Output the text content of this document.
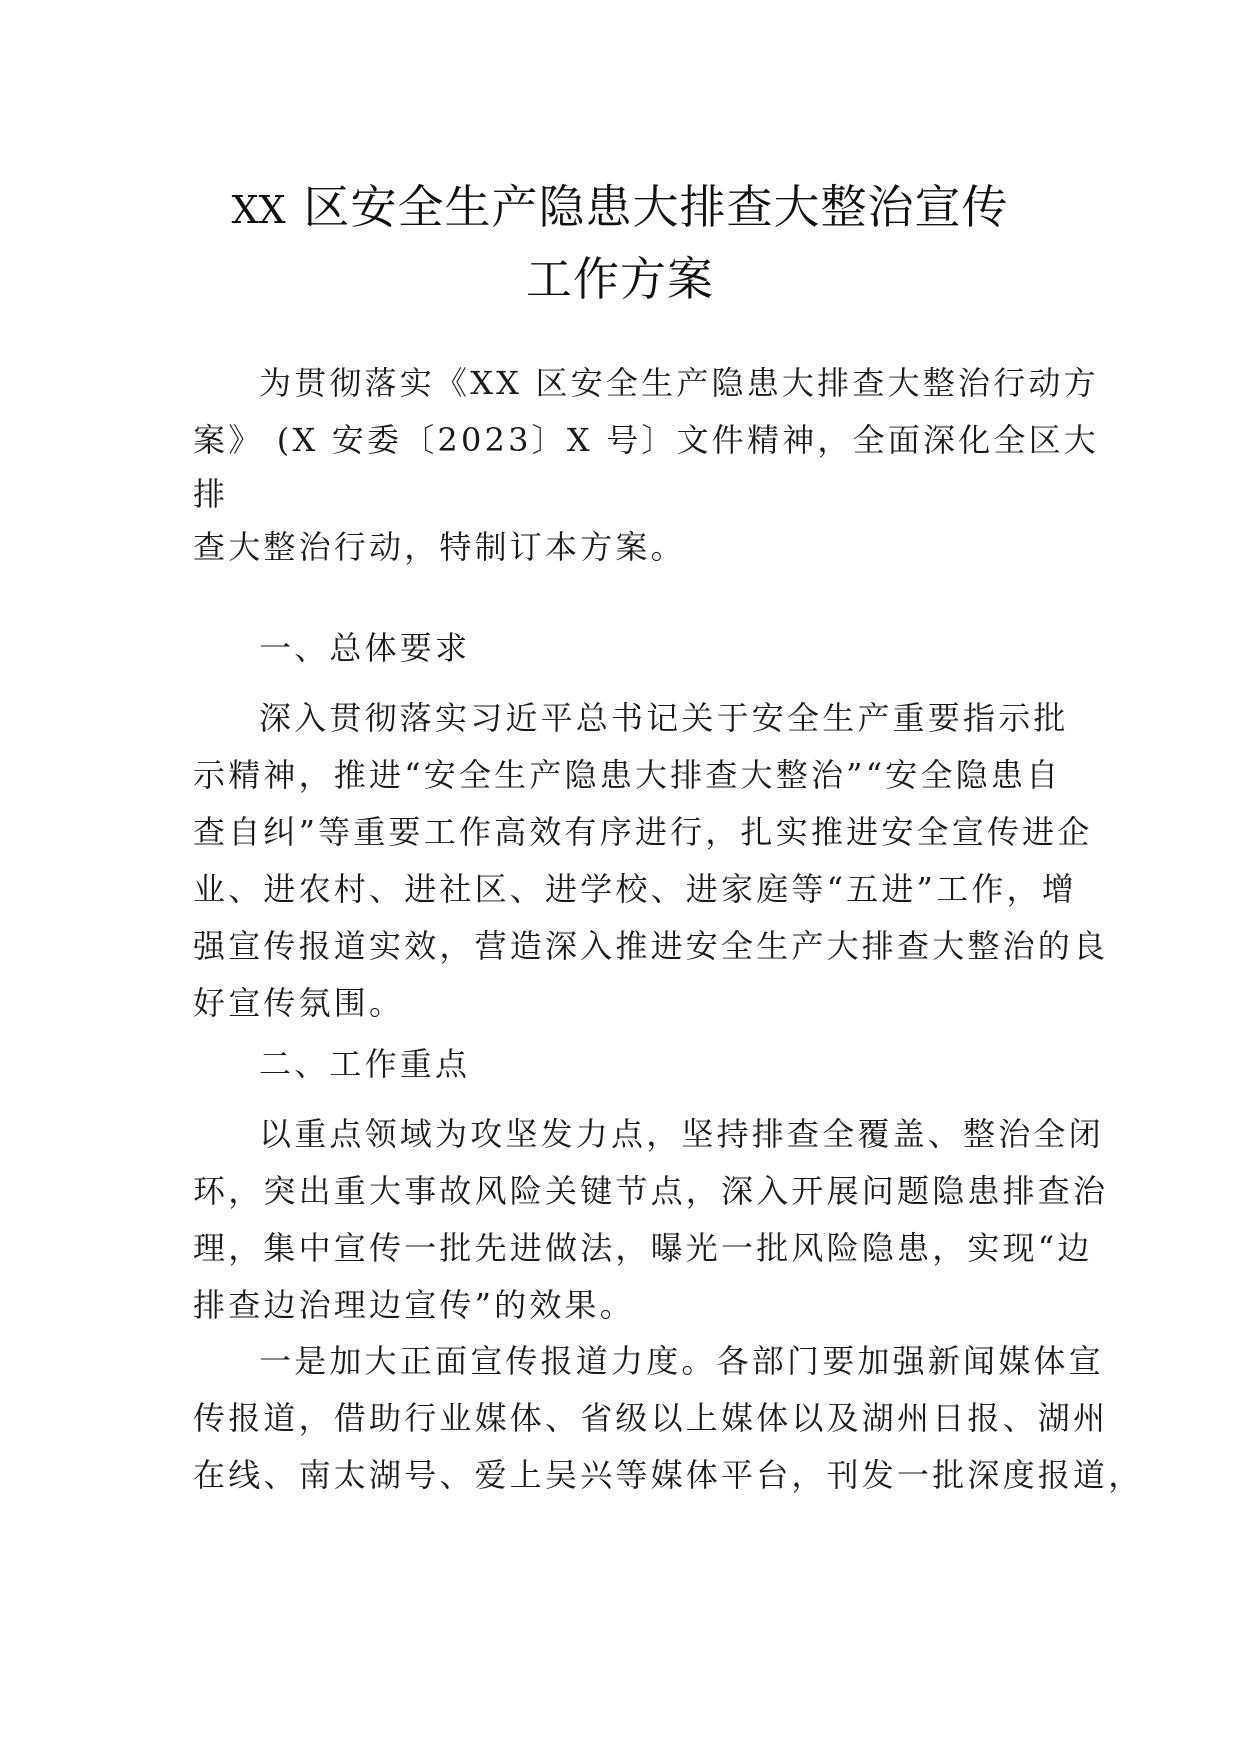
XX 区安全生产隐患大排查大整治宣传
工作方案
为贯彻落实《XX 区安全生产隐患大排查大整治行动方
案》 (X 安委〔2023〕X 号〕文件精神，全面深化全区大
排
查大整治行动，特制订本方案。
一、总体要求
深入贯彻落实习近平总书记关于安全生产重要指示批
示精神，推进“安全生产隐患大排查大整治”“安全隐患自
查自纠”等重要工作高效有序进行，扎实推进安全宣传进企
业、进农村、进社区、进学校、进家庭等“五进”工作，增
强宣传报道实效，营造深入推进安全生产大排查大整治的良
好宣传氛围。
二、工作重点
以重点领域为攻坚发力点，坚持排查全覆盖、整治全闭
环，突出重大事故风险关键节点，深入开展问题隐患排查治
理，集中宣传一批先进做法，曝光一批风险隐患，实现“边
排查边治理边宣传”的效果。
一是加大正面宣传报道力度。各部门要加强新闻媒体宣
传报道，借助行业媒体、省级以上媒体以及湖州日报、湖州
在线、南太湖号、爱上吴兴等媒体平台，刊发一批深度报道，
